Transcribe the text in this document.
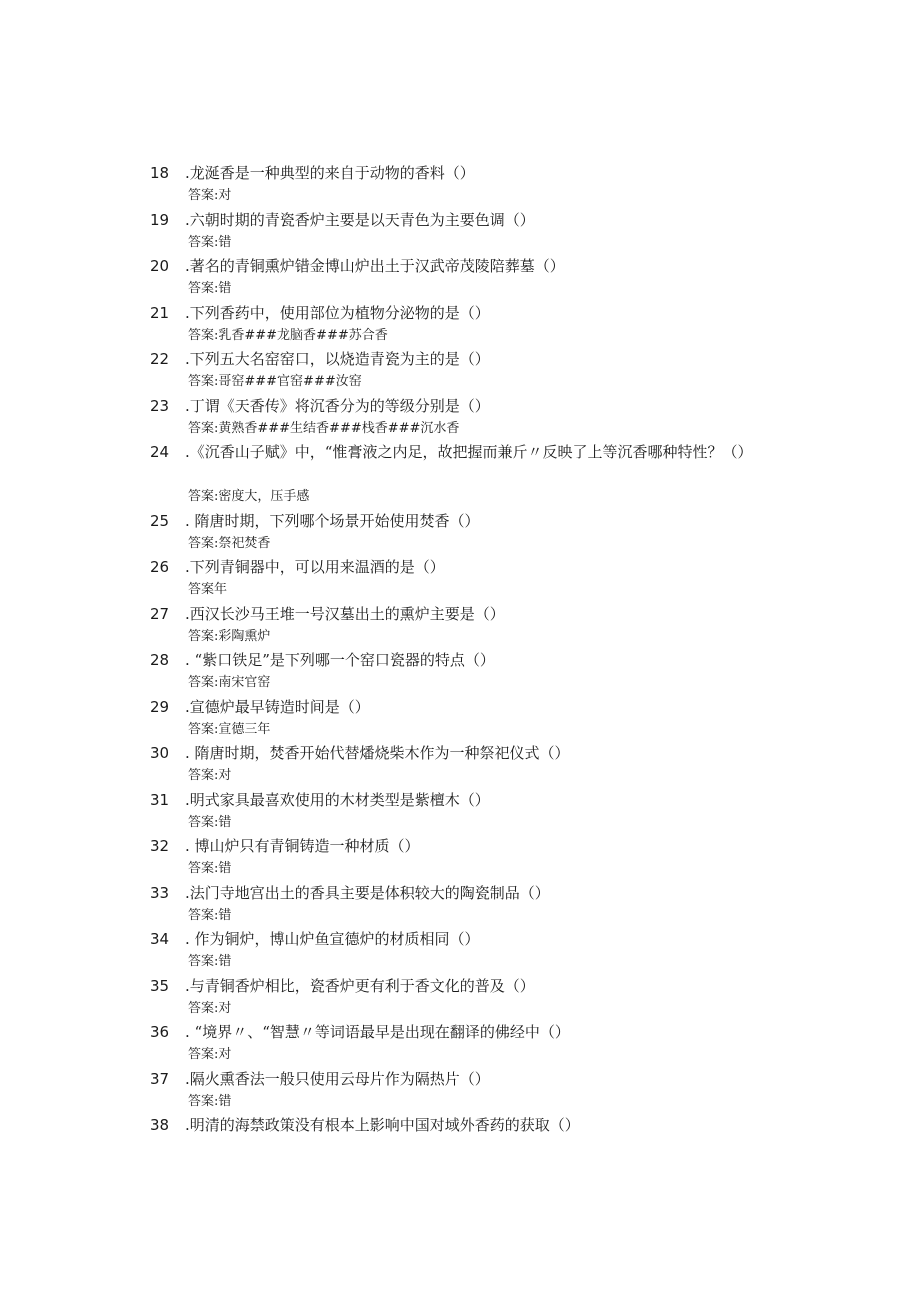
18	.龙涎香是一种典型的来自于动物的香料（）
答案:对
19	.六朝时期的青瓷香炉主要是以天青色为主要色调（）
答案:错
20	.著名的青铜熏炉错金博山炉出土于汉武帝茂陵陪葬墓（）
答案:错
21	.下列香药中，使用部位为植物分泌物的是（）
答案:乳香###龙脑香###苏合香
22	.下列五大名窑窑口，以烧造青瓷为主的是（）
答案:哥窑###官窑###汝窑
23	.丁谓《天香传》将沉香分为的等级分别是（）
答案:黄熟香###生结香###栈香###沉水香
24	.《沉香山子赋》中，“惟膏液之内足，故把握而兼斤〃反映了上等沉香哪种特性？（）
答案:密度大，压手感
25	. 隋唐时期，下列哪个场景开始使用焚香（）
答案:祭祀焚香
26	.下列青铜器中，可以用来温酒的是（）
答案年
27	.西汉长沙马王堆一号汉墓出土的熏炉主要是（）
答案:彩陶熏炉
28	. “紫口铁足”是下列哪一个窑口瓷器的特点（）
答案:南宋官窑
29	.宣德炉最早铸造时间是（）
答案:宣德三年
30	. 隋唐时期，焚香开始代替燔烧柴木作为一种祭祀仪式（）
答案:对
31	.明式家具最喜欢使用的木材类型是紫檀木（）
答案:错
32	. 博山炉只有青铜铸造一种材质（）
答案:错
33	.法门寺地宫出土的香具主要是体积较大的陶瓷制品（）
答案:错
34	. 作为铜炉，博山炉鱼宣德炉的材质相同（）
答案:错
35	.与青铜香炉相比，瓷香炉更有利于香文化的普及（）
答案:对
36	. “境界〃、“智慧〃等词语最早是出现在翻译的佛经中（）
答案:对
37	.隔火熏香法一般只使用云母片作为隔热片（）
答案:错
38	.明清的海禁政策没有根本上影响中国对域外香药的获取（）
